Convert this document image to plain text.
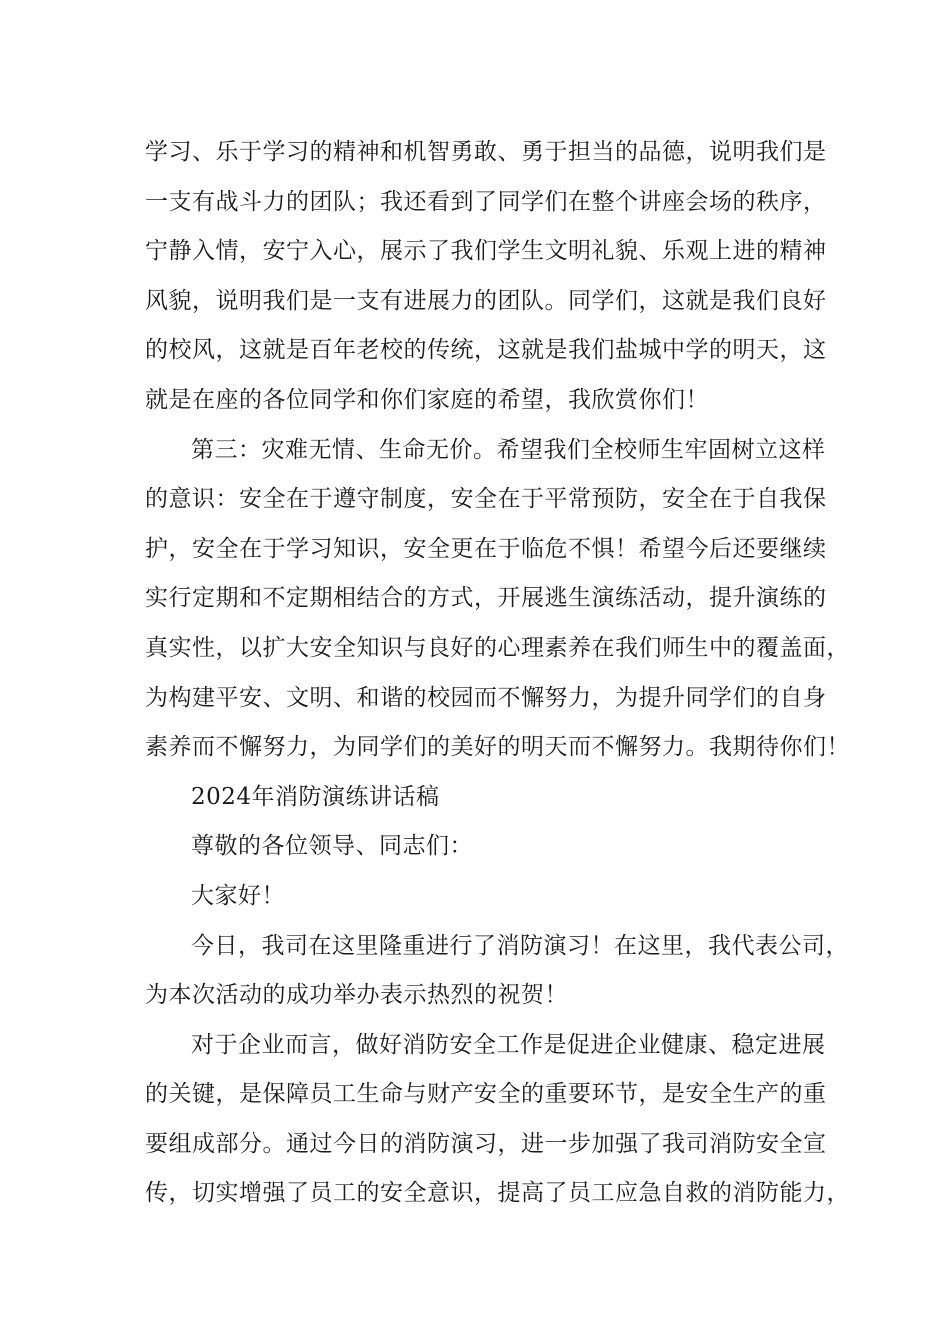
学习、乐于学习的精神和机智勇敢、勇于担当的品德，说明我们是
一支有战斗力的团队；我还看到了同学们在整个讲座会场的秩序，
宁静入情，安宁入心，展示了我们学生文明礼貌、乐观上进的精神
风貌，说明我们是一支有进展力的团队。同学们，这就是我们良好
的校风，这就是百年老校的传统，这就是我们盐城中学的明天，这
就是在座的各位同学和你们家庭的希望，我欣赏你们！
第三：灾难无情、生命无价。希望我们全校师生牢固树立这样
的意识：安全在于遵守制度，安全在于平常预防，安全在于自我保
护，安全在于学习知识，安全更在于临危不惧！希望今后还要继续
实行定期和不定期相结合的方式，开展逃生演练活动，提升演练的
真实性，以扩大安全知识与良好的心理素养在我们师生中的覆盖面，
为构建平安、文明、和谐的校园而不懈努力，为提升同学们的自身
素养而不懈努力，为同学们的美好的明天而不懈努力。我期待你们！
2024年消防演练讲话稿
尊敬的各位领导、同志们：
大家好！
今日，我司在这里隆重进行了消防演习！在这里，我代表公司，
为本次活动的成功举办表示热烈的祝贺！
对于企业而言，做好消防安全工作是促进企业健康、稳定进展
的关键，是保障员工生命与财产安全的重要环节，是安全生产的重
要组成部分。通过今日的消防演习，进一步加强了我司消防安全宣
传，切实增强了员工的安全意识，提高了员工应急自救的消防能力，
